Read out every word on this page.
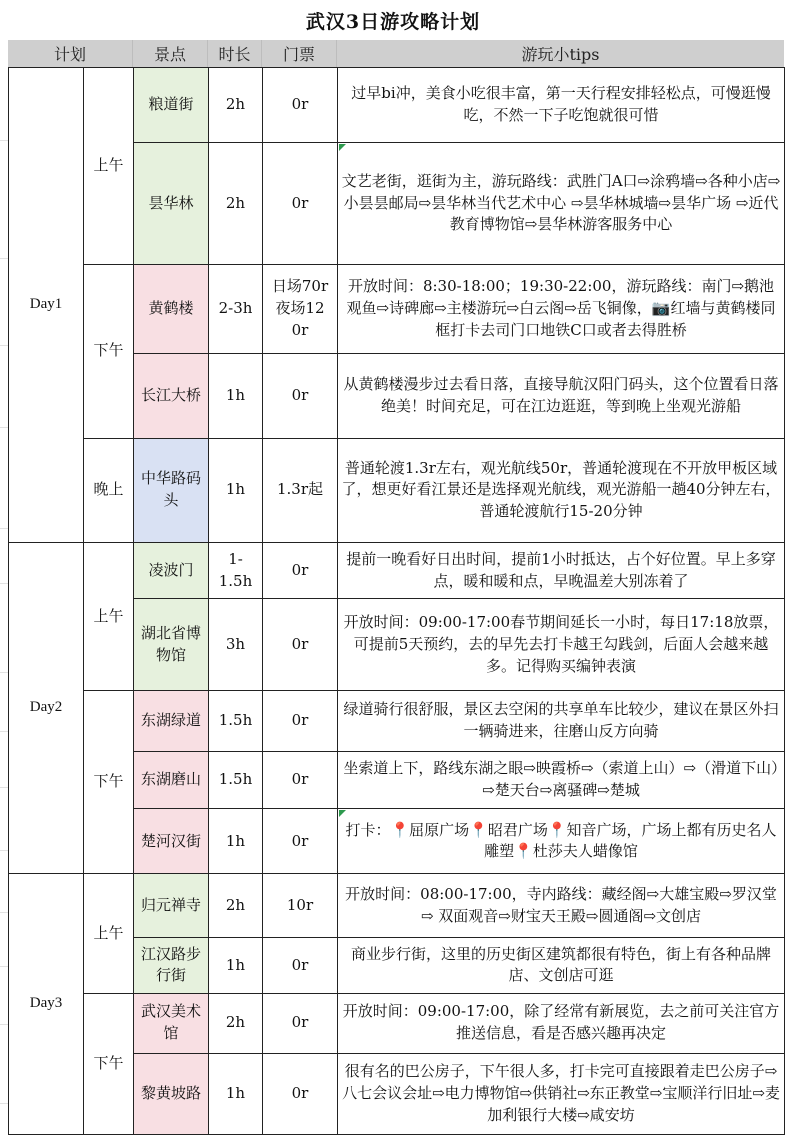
武汉3日游攻略计划
计划	景点	时长	门票	游玩小tips
Day1	上午	粮道街	2h	0r	过早bi冲，美食小吃很丰富，第一天行程安排轻松点，可慢逛慢吃，不然一下子吃饱就很可惜
		昙华林	2h	0r	文艺老街，逛街为主，游玩路线：武胜门A口⇨涂鸦墙⇨各种小店⇨小昙昙邮局⇨昙华林当代艺术中心 ⇨昙华林城墙⇨昙华广场 ⇨近代教育博物馆⇨昙华林游客服务中心
	下午	黄鹤楼	2-3h	日场70r夜场120r	开放时间：8:30-18:00；19:30-22:00，游玩路线：南门⇨鹅池观鱼⇨诗碑廊⇨主楼游玩⇨白云阁⇨岳飞铜像，📷红墙与黄鹤楼同框打卡去司门口地铁C口或者去得胜桥
		长江大桥	1h	0r	从黄鹤楼漫步过去看日落，直接导航汉阳门码头，这个位置看日落绝美！时间充足，可在江边逛逛，等到晚上坐观光游船
	晚上	中华路码头	1h	1.3r起	普通轮渡1.3r左右，观光航线50r，普通轮渡现在不开放甲板区域了，想更好看江景还是选择观光航线，观光游船一趟40分钟左右，普通轮渡航行15-20分钟
Day2	上午	凌波门	1-1.5h	0r	提前一晚看好日出时间，提前1小时抵达，占个好位置。早上多穿点，暖和暖和点，早晚温差大别冻着了
		湖北省博物馆	3h	0r	开放时间：09:00-17:00春节期间延长一小时，每日17:18放票，可提前5天预约，去的早先去打卡越王勾践剑，后面人会越来越多。记得购买编钟表演
	下午	东湖绿道	1.5h	0r	绿道骑行很舒服，景区去空闲的共享单车比较少，建议在景区外扫一辆骑进来，往磨山反方向骑
		东湖磨山	1.5h	0r	坐索道上下，路线东湖之眼⇨映霞桥⇨（索道上山）⇨（滑道下山）⇨楚天台⇨离骚碑⇨楚城
		楚河汉街	1h	0r	打卡：📍屈原广场📍昭君广场📍知音广场，广场上都有历史名人雕塑📍杜莎夫人蜡像馆
Day3	上午	归元禅寺	2h	10r	开放时间：08:00-17:00，寺内路线：藏经阁⇨大雄宝殿⇨罗汉堂⇨ 双面观音⇨财宝天王殿⇨圆通阁⇨文创店
		江汉路步行街	1h	0r	商业步行街，这里的历史街区建筑都很有特色，街上有各种品牌店、文创店可逛
	下午	武汉美术馆	2h	0r	开放时间：09:00-17:00，除了经常有新展览，去之前可关注官方推送信息，看是否感兴趣再决定
		黎黄坡路	1h	0r	很有名的巴公房子，下午很人多，打卡完可直接跟着走巴公房子⇨八七会议会址⇨电力博物馆⇨供销社⇨东正教堂⇨宝顺洋行旧址⇨麦加利银行大楼⇨咸安坊
